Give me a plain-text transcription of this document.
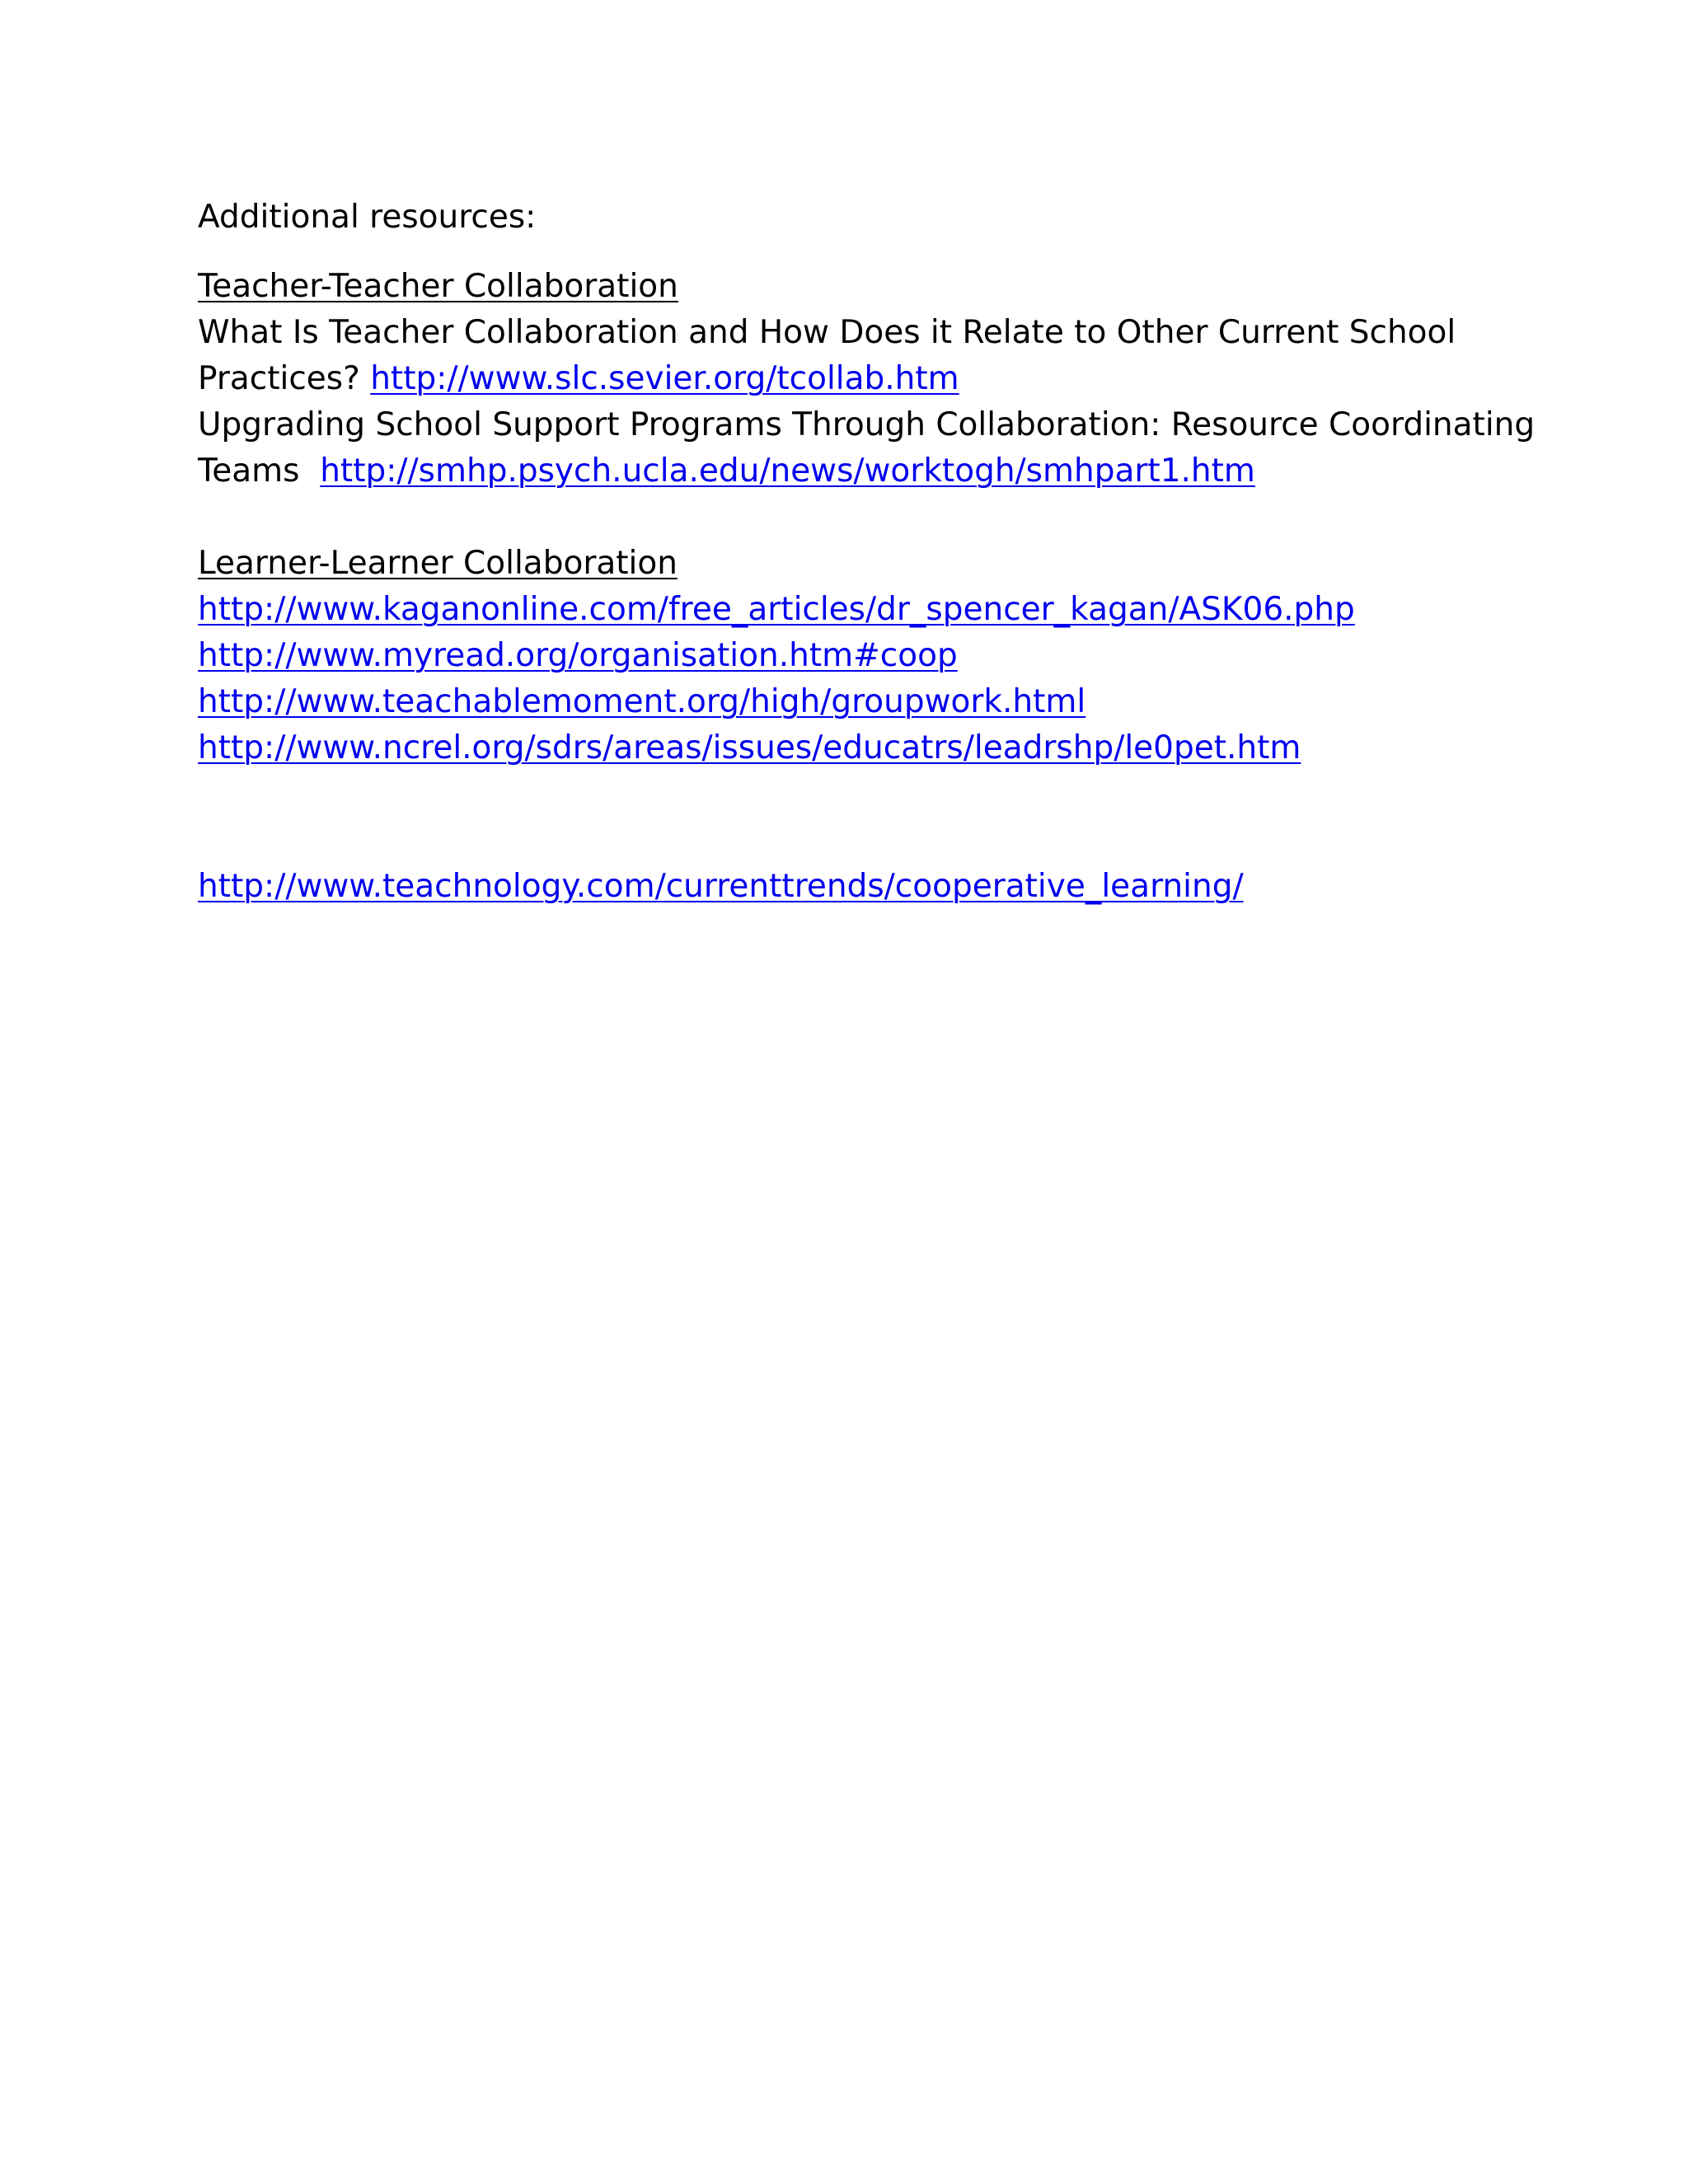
Additional resources:
Teacher-Teacher Collaboration
What Is Teacher Collaboration and How Does it Relate to Other Current School
Practices? http://www.slc.sevier.org/tcollab.htm
Upgrading School Support Programs Through Collaboration: Resource Coordinating
Teams http://smhp.psych.ucla.edu/news/worktogh/smhpart1.htm
Learner-Learner Collaboration
http://www.kaganonline.com/free_articles/dr_spencer_kagan/ASK06.php
http://www.myread.org/organisation.htm#coop
http://www.teachablemoment.org/high/groupwork.html
http://www.ncrel.org/sdrs/areas/issues/educatrs/leadrshp/le0pet.htm
http://www.teachnology.com/currenttrends/cooperative_learning/
